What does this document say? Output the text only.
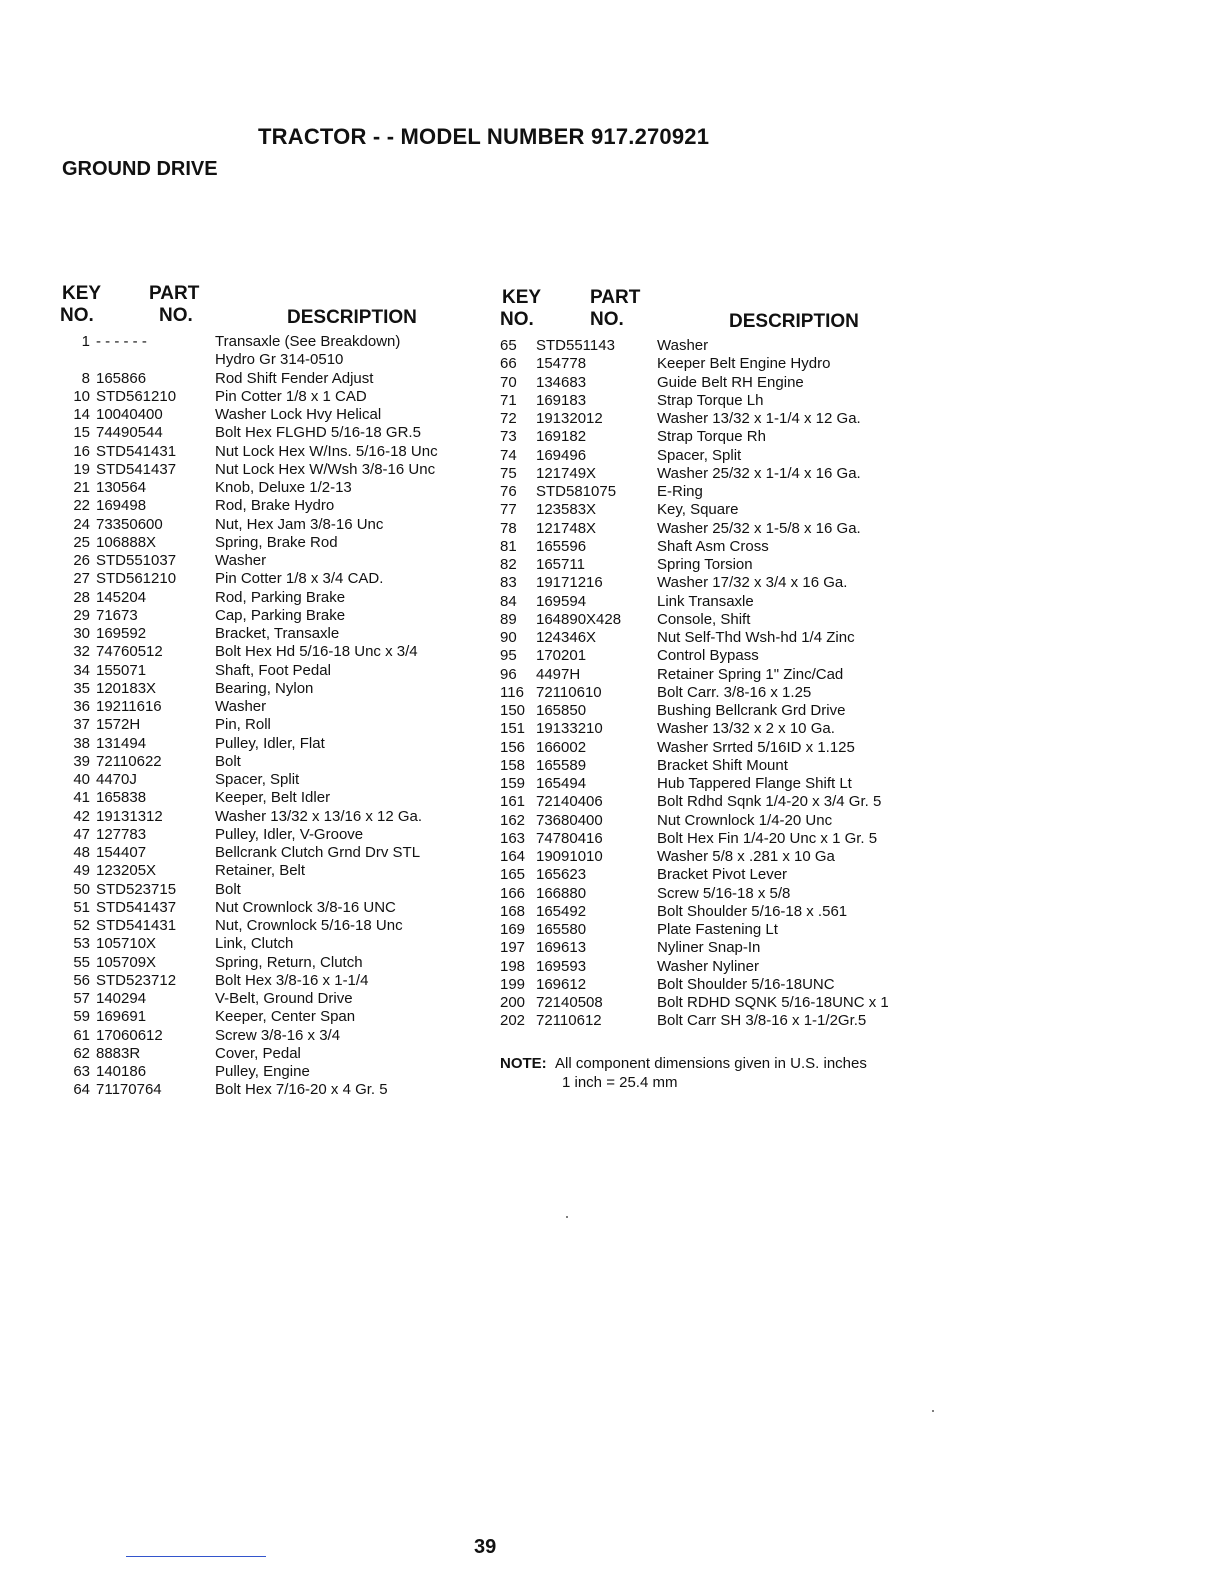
TRACTOR - - MODEL NUMBER 917.270921
GROUND DRIVE
KEY
NO.
PART
NO.	DESCRIPTION
1 - - - - - -	Transaxle (See Breakdown)
Hydro Gr 314-0510
8 165866	Rod Shift Fender Adjust
10 STD561210	Pin Cotter 1/8 x 1 CAD
14 10040400	Washer Lock Hvy Helical
15 74490544	Bolt Hex FLGHD 5/16-18 GR.5
16 STD541431	Nut Lock Hex W/Ins. 5/16-18 Unc
19 STD541437	Nut Lock Hex W/Wsh 3/8-16 Unc
21 130564	Knob, Deluxe 1/2-13
22 169498	Rod, Brake Hydro
24 73350600	Nut, Hex Jam 3/8-16 Unc
25 106888X	Spring, Brake Rod
26 STD551037	Washer
27 STD561210	Pin Cotter 1/8 x 3/4 CAD.
28 145204	Rod, Parking Brake
29 71673	Cap, Parking Brake
30 169592	Bracket, Transaxle
32 74760512	Bolt Hex Hd 5/16-18 Unc x 3/4
34 155071	Shaft, Foot Pedal
35 120183X	Bearing, Nylon
36 19211616	Washer
37 1572H	Pin, Roll
38 131494	Pulley, Idler, Flat
39 72110622	Bolt
40 4470J	Spacer, Split
41 165838	Keeper, Belt Idler
42 19131312	Washer 13/32 x 13/16 x 12 Ga.
47 127783	Pulley, Idler, V-Groove
48 154407	Bellcrank Clutch Grnd Drv STL
49 123205X	Retainer, Belt
50 STD523715	Bolt
51 STD541437	Nut Crownlock 3/8-16 UNC
52 STD541431	Nut, Crownlock 5/16-18 Unc
53 105710X	Link, Clutch
55 105709X	Spring, Return, Clutch
56 STD523712	Bolt Hex 3/8-16 x 1-1/4
57 140294	V-Belt, Ground Drive
59 169691	Keeper, Center Span
61 17060612	Screw 3/8-16 x 3/4
62 8883R	Cover, Pedal
63 140186	Pulley, Engine
64 71170764	Bolt Hex 7/16-20 x 4 Gr. 5
KEY
NO.
PART
NO.	DESCRIPTION
65	STD551143	Washer
66	154778	Keeper Belt Engine Hydro
70	134683	Guide Belt RH Engine
71	169183	Strap Torque Lh
72	19132012	Washer 13/32 x 1-1/4 x 12 Ga.
73	169182	Strap Torque Rh
74	169496	Spacer, Split
75	121749X	Washer 25/32 x 1-1/4 x 16 Ga.
76	STD581075	E-Ring
77	123583X	Key, Square
78	121748X	Washer 25/32 x 1-5/8 x 16 Ga.
81	165596	Shaft Asm Cross
82	165711	Spring Torsion
83	19171216	Washer 17/32 x 3/4 x 16 Ga.
84	169594	Link Transaxle
89	164890X428 Console, Shift
90	124346X	Nut Self-Thd Wsh-hd 1/4 Zinc
95	170201	Control Bypass
96	4497H	Retainer Spring 1" Zinc/Cad
116 72110610	Bolt Carr. 3/8-16 x 1.25
150 165850	Bushing Bellcrank Grd Drive
151 19133210	Washer 13/32 x 2 x 10 Ga.
156 166002	Washer Srrted 5/16ID x 1.125
158 165589	Bracket Shift Mount
159 165494	Hub Tappered Flange Shift Lt
161 72140406	Bolt Rdhd Sqnk 1/4-20 x 3/4 Gr. 5
162 73680400	Nut Crownlock 1/4-20 Unc
163 74780416	Bolt Hex Fin 1/4-20 Unc x 1 Gr. 5
164 19091010	Washer 5/8 x .281 x 10 Ga
165 165623	Bracket Pivot Lever
166 166880	Screw 5/16-18 x 5/8
168 165492	Bolt Shoulder 5/16-18 x .561
169 165580	Plate Fastening Lt
197 169613	Nyliner Snap-In
198 169593	Washer Nyliner
199 169612	Bolt Shoulder 5/16-18UNC
200 72140508	Bolt RDHD SQNK 5/16-18UNC x 1
202 72110612	Bolt Carr SH 3/8-16 x 1-1/2Gr.5
NOTE: All component dimensions given in U.S. inches
1 inch = 25.4 mm
39
